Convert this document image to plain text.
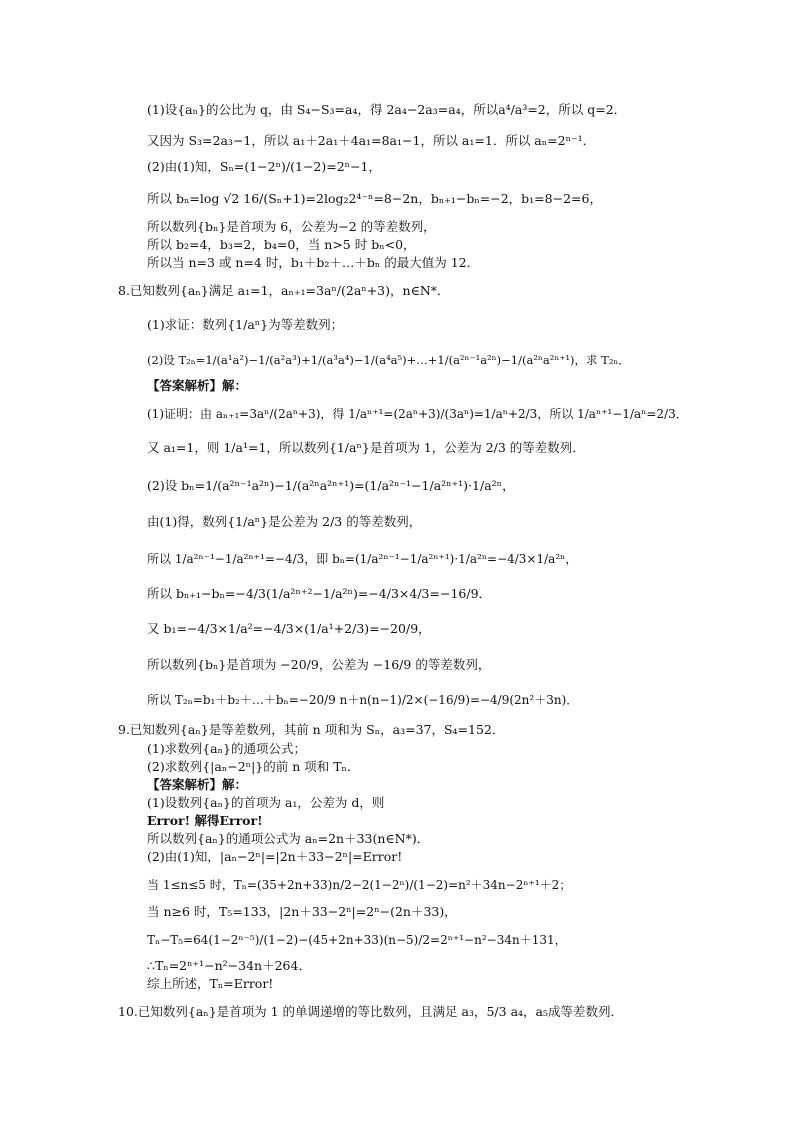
(1)设{aₙ}的公比为 q，由 S₄−S₃=a₄，得 2a₄−2a₃=a₄，所以a⁴/a³=2，所以 q=2．
又因为 S₃=2a₃−1，所以 a₁＋2a₁＋4a₁=8a₁−1，所以 a₁=1．所以 aₙ=2ⁿ⁻¹．
(2)由(1)知，Sₙ=(1−2ⁿ)/(1−2)=2ⁿ−1，
所以 bₙ=log √2 16/(Sₙ+1)=2log₂2⁴⁻ⁿ=8−2n，bₙ₊₁−bₙ=−2，b₁=8−2=6，
所以数列{bₙ}是首项为 6，公差为−2 的等差数列，
所以 b₂=4，b₃=2，b₄=0，当 n>5 时 bₙ<0，
所以当 n=3 或 n=4 时，b₁＋b₂＋…＋bₙ 的最大值为 12．
8.已知数列{aₙ}满足 a₁=1，aₙ₊₁=3aⁿ/(2aⁿ+3)，n∈N*．
(1)求证：数列{1/aⁿ}为等差数列；
(2)设 T₂ₙ=1/(a¹a²)−1/(a²a³)+1/(a³a⁴)−1/(a⁴a⁵)+…+1/(a²ⁿ⁻¹a²ⁿ)−1/(a²ⁿa²ⁿ⁺¹)，求 T₂ₙ．
【答案解析】解：
(1)证明：由 aₙ₊₁=3aⁿ/(2aⁿ+3)，得 1/aⁿ⁺¹=(2aⁿ+3)/(3aⁿ)=1/aⁿ+2/3，所以 1/aⁿ⁺¹−1/aⁿ=2/3．
又 a₁=1，则 1/a¹=1，所以数列{1/aⁿ}是首项为 1，公差为 2/3 的等差数列．
(2)设 bₙ=1/(a²ⁿ⁻¹a²ⁿ)−1/(a²ⁿa²ⁿ⁺¹)=(1/a²ⁿ⁻¹−1/a²ⁿ⁺¹)·1/a²ⁿ，
由(1)得，数列{1/aⁿ}是公差为 2/3 的等差数列，
所以 1/a²ⁿ⁻¹−1/a²ⁿ⁺¹=−4/3，即 bₙ=(1/a²ⁿ⁻¹−1/a²ⁿ⁺¹)·1/a²ⁿ=−4/3×1/a²ⁿ，
所以 bₙ₊₁−bₙ=−4/3(1/a²ⁿ⁺²−1/a²ⁿ)=−4/3×4/3=−16/9．
又 b₁=−4/3×1/a²=−4/3×(1/a¹+2/3)=−20/9，
所以数列{bₙ}是首项为 −20/9，公差为 −16/9 的等差数列，
所以 T₂ₙ=b₁＋b₂＋…＋bₙ=−20/9 n＋n(n−1)/2×(−16/9)=−4/9(2n²＋3n)．
9.已知数列{aₙ}是等差数列，其前 n 项和为 Sₙ，a₃=37，S₄=152．
(1)求数列{aₙ}的通项公式；
(2)求数列{|aₙ−2ⁿ|}的前 n 项和 Tₙ．
【答案解析】解：
(1)设数列{aₙ}的首项为 a₁，公差为 d，则
Error! 解得Error!
所以数列{aₙ}的通项公式为 aₙ=2n＋33(n∈N*)．
(2)由(1)知，|aₙ−2ⁿ|=|2n＋33−2ⁿ|=Error!
当 1≤n≤5 时，Tₙ=(35+2n+33)n/2−2(1−2ⁿ)/(1−2)=n²＋34n−2ⁿ⁺¹＋2；
当 n≥6 时，T₅=133，|2n＋33−2ⁿ|=2ⁿ−(2n＋33)，
Tₙ−T₅=64(1−2ⁿ⁻⁵)/(1−2)−(45+2n+33)(n−5)/2=2ⁿ⁺¹−n²−34n＋131，
∴Tₙ=2ⁿ⁺¹−n²−34n＋264．
综上所述，Tₙ=Error!
10.已知数列{aₙ}是首项为 1 的单调递增的等比数列，且满足 a₃，5/3 a₄，a₅成等差数列．
